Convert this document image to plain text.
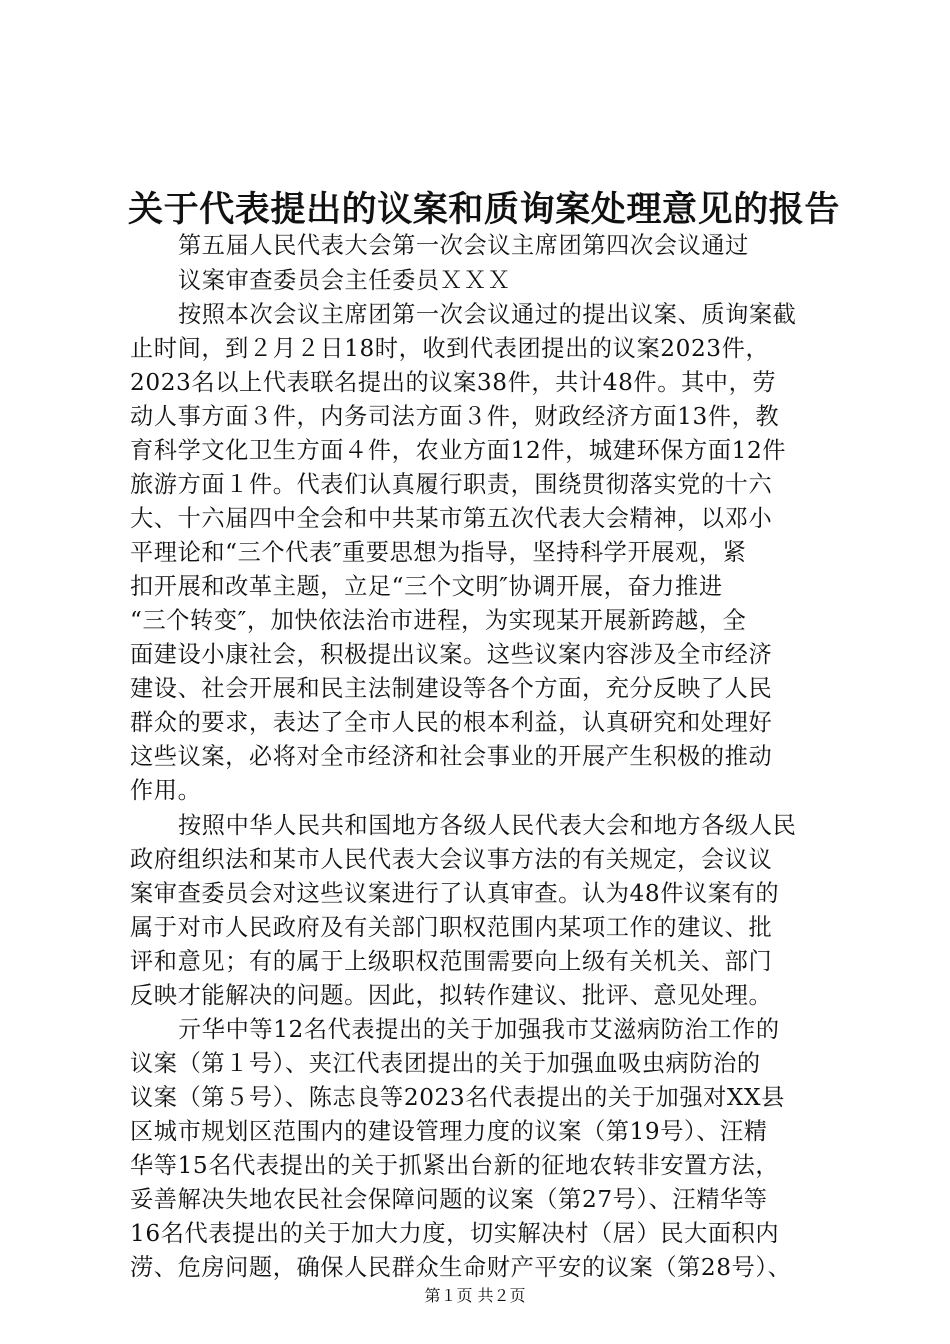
关于代表提出的议案和质询案处理意见的报告
第五届人民代表大会第一次会议主席团第四次会议通过
议案审查委员会主任委员ＸＸＸ
按照本次会议主席团第一次会议通过的提出议案、质询案截
止时间，到２月２日18时，收到代表团提出的议案2023件，
2023名以上代表联名提出的议案38件，共计48件。其中，劳
动人事方面３件，内务司法方面３件，财政经济方面13件，教
育科学文化卫生方面４件，农业方面12件，城建环保方面12件
旅游方面１件。代表们认真履行职责，围绕贯彻落实党的十六
大、十六届四中全会和中共某市第五次代表大会精神，以邓小
平理论和“三个代表″重要思想为指导，坚持科学开展观，紧
扣开展和改革主题，立足“三个文明″协调开展，奋力推进
“三个转变″，加快依法治市进程，为实现某开展新跨越，全
面建设小康社会，积极提出议案。这些议案内容涉及全市经济
建设、社会开展和民主法制建设等各个方面，充分反映了人民
群众的要求，表达了全市人民的根本利益，认真研究和处理好
这些议案，必将对全市经济和社会事业的开展产生积极的推动
作用。
按照中华人民共和国地方各级人民代表大会和地方各级人民
政府组织法和某市人民代表大会议事方法的有关规定，会议议
案审查委员会对这些议案进行了认真审查。认为48件议案有的
属于对市人民政府及有关部门职权范围内某项工作的建议、批
评和意见；有的属于上级职权范围需要向上级有关机关、部门
反映才能解决的问题。因此，拟转作建议、批评、意见处理。
亓华中等12名代表提出的关于加强我市艾滋病防治工作的
议案（第１号）、夹江代表团提出的关于加强血吸虫病防治的
议案（第５号）、陈志良等2023名代表提出的关于加强对XX县
区城市规划区范围内的建设管理力度的议案（第19号）、汪精
华等15名代表提出的关于抓紧出台新的征地农转非安置方法，
妥善解决失地农民社会保障问题的议案（第27号）、汪精华等
16名代表提出的关于加大力度，切实解决村（居）民大面积内
涝、危房问题，确保人民群众生命财产平安的议案（第28号）、
第１页 共２页
